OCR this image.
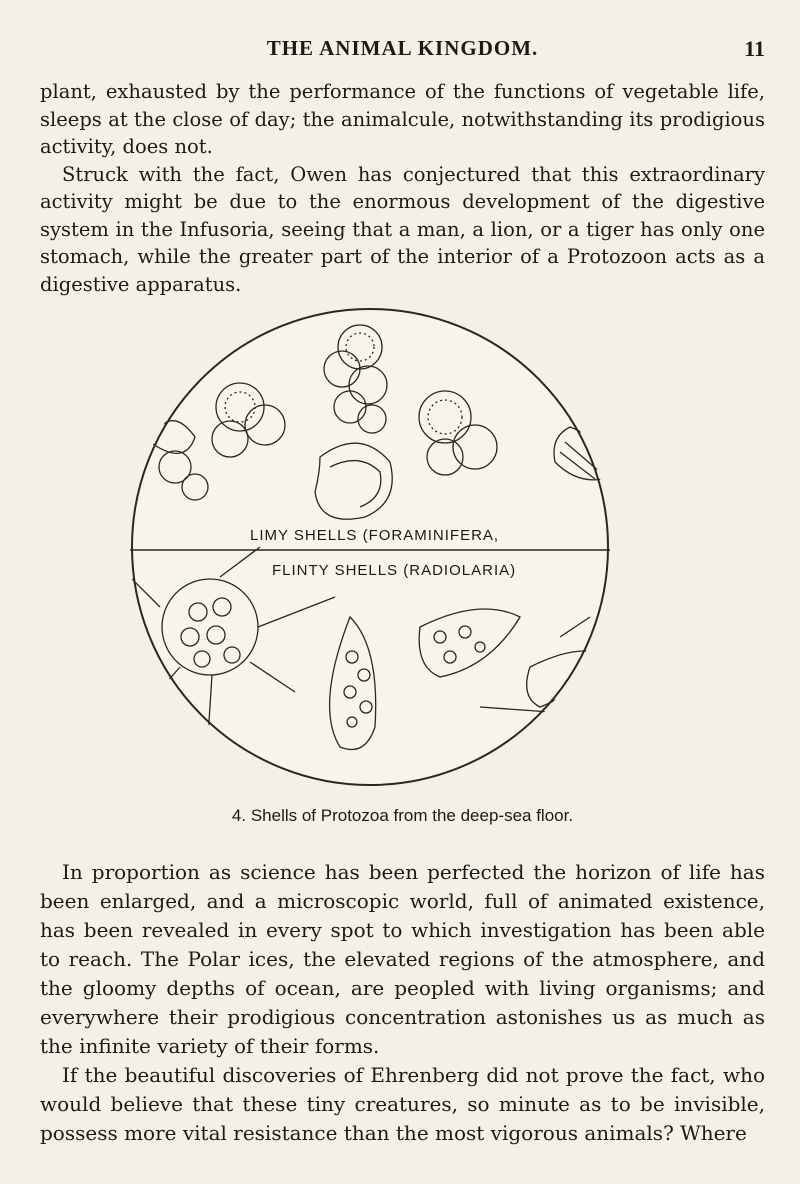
THE ANIMAL KINGDOM.	11

plant, exhausted by the performance of the functions of vegetable life, sleeps at the close of day; the animalcule, notwithstanding its prodigious activity, does not.

Struck with the fact, Owen has conjectured that this extraordinary activity might be due to the enormous development of the digestive system in the Infusoria, seeing that a man, a lion, or a tiger has only one stomach, while the greater part of the interior of a Protozoon acts as a digestive apparatus.

LIMY SHELLS (FORAMINIFERA,
FLINTY SHELLS (RADIOLARIA)
4. Shells of Protozoa from the deep-sea floor.

In proportion as science has been perfected the horizon of life has been enlarged, and a microscopic world, full of animated existence, has been revealed in every spot to which investigation has been able to reach. The Polar ices, the elevated regions of the atmosphere, and the gloomy depths of ocean, are peopled with living organisms; and everywhere their prodigious concentration astonishes us as much as the infinite variety of their forms.

If the beautiful discoveries of Ehrenberg did not prove the fact, who would believe that these tiny creatures, so minute as to be invisible, possess more vital resistance than the most vigorous animals? Where
